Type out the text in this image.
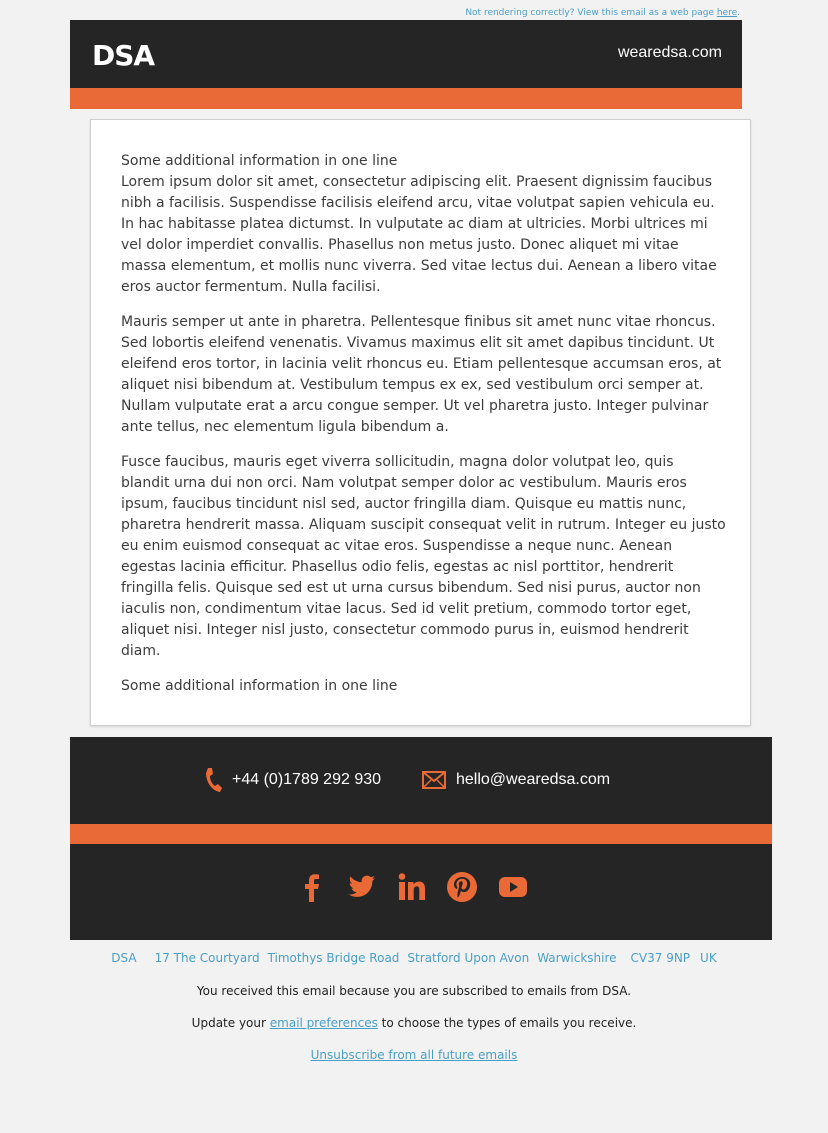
Not rendering correctly? View this email as a web page here.
DSA	wearedsa.com

Some additional information in one line

Lorem ipsum dolor sit amet, consectetur adipiscing elit. Praesent dignissim faucibus nibh a facilisis. Suspendisse facilisis eleifend arcu, vitae volutpat sapien vehicula eu. In hac habitasse platea dictumst. In vulputate ac diam at ultricies. Morbi ultrices mi vel dolor imperdiet convallis. Phasellus non metus justo. Donec aliquet mi vitae massa elementum, et mollis nunc viverra. Sed vitae lectus dui. Aenean a libero vitae eros auctor fermentum. Nulla facilisi.

Mauris semper ut ante in pharetra. Pellentesque finibus sit amet nunc vitae rhoncus. Sed lobortis eleifend venenatis. Vivamus maximus elit sit amet dapibus tincidunt. Ut eleifend eros tortor, in lacinia velit rhoncus eu. Etiam pellentesque accumsan eros, at aliquet nisi bibendum at. Vestibulum tempus ex ex, sed vestibulum orci semper at. Nullam vulputate erat a arcu congue semper. Ut vel pharetra justo. Integer pulvinar ante tellus, nec elementum ligula bibendum a.

Fusce faucibus, mauris eget viverra sollicitudin, magna dolor volutpat leo, quis blandit urna dui non orci. Nam volutpat semper dolor ac vestibulum. Mauris eros ipsum, faucibus tincidunt nisl sed, auctor fringilla diam. Quisque eu mattis nunc, pharetra hendrerit massa. Aliquam suscipit consequat velit in rutrum. Integer eu justo eu enim euismod consequat ac vitae eros. Suspendisse a neque nunc. Aenean egestas lacinia efficitur. Phasellus odio felis, egestas ac nisl porttitor, hendrerit fringilla felis. Quisque sed est ut urna cursus bibendum. Sed nisi purus, auctor non iaculis non, condimentum vitae lacus. Sed id velit pretium, commodo tortor eget, aliquet nisi. Integer nisl justo, consectetur commodo purus in, euismod hendrerit diam.

Some additional information in one line

+44 (0)1789 292 930	hello@wearedsa.com
DSA 17 The Courtyard Timothys Bridge Road Stratford Upon Avon Warwickshire CV37 9NP UK
You received this email because you are subscribed to emails from DSA.
Update your email preferences to choose the types of emails you receive.
Unsubscribe from all future emails
